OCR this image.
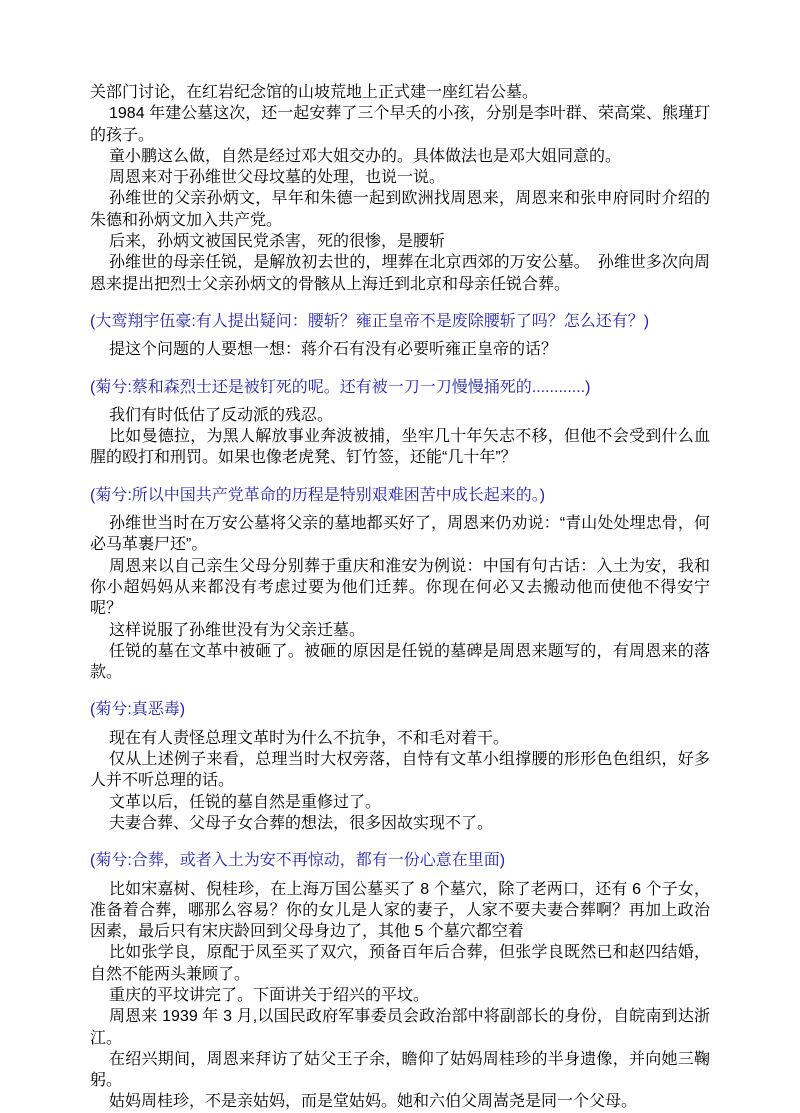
关部门讨论，在红岩纪念馆的山坡荒地上正式建一座红岩公墓。

1984 年建公墓这次，还一起安葬了三个早夭的小孩，分别是李叶群、荣高棠、熊瑾玎的孩子。

童小鹏这么做，自然是经过邓大姐交办的。具体做法也是邓大姐同意的。

周恩来对于孙维世父母坟墓的处理，也说一说。

孙维世的父亲孙炳文，早年和朱德一起到欧洲找周恩来，周恩来和张申府同时介绍的朱德和孙炳文加入共产党。

后来，孙炳文被国民党杀害，死的很惨，是腰斩

孙维世的母亲任锐，是解放初去世的，埋葬在北京西郊的万安公墓。　孙维世多次向周恩来提出把烈士父亲孙炳文的骨骸从上海迁到北京和母亲任锐合葬。

(大鸾翔宇伍豪:有人提出疑问：腰斩？雍正皇帝不是废除腰斩了吗？怎么还有？)

提这个问题的人要想一想：蒋介石有没有必要听雍正皇帝的话？

(菊兮:蔡和森烈士还是被钉死的呢。还有被一刀一刀慢慢捅死的............)

我们有时低估了反动派的残忍。

比如曼德拉，为黑人解放事业奔波被捕，坐牢几十年矢志不移，但他不会受到什么血腥的殴打和刑罚。如果也像老虎凳、钉竹签，还能“几十年”？

(菊兮:所以中国共产党革命的历程是特别艰难困苦中成长起来的。)

孙维世当时在万安公墓将父亲的墓地都买好了，周恩来仍劝说：“青山处处埋忠骨，何必马革裹尸还”。

周恩来以自己亲生父母分别葬于重庆和淮安为例说：中国有句古话：入土为安，我和你小超妈妈从来都没有考虑过要为他们迁葬。你现在何必又去搬动他而使他不得安宁呢？

这样说服了孙维世没有为父亲迁墓。

任锐的墓在文革中被砸了。被砸的原因是任锐的墓碑是周恩来题写的，有周恩来的落款。

(菊兮:真恶毒)

现在有人责怪总理文革时为什么不抗争，不和毛对着干。

仅从上述例子来看，总理当时大权旁落，自恃有文革小组撑腰的形形色色组织，好多人并不听总理的话。

文革以后，任锐的墓自然是重修过了。

夫妻合葬、父母子女合葬的想法，很多因故实现不了。

(菊兮:合葬，或者入土为安不再惊动，都有一份心意在里面)

比如宋嘉树、倪桂珍，在上海万国公墓买了 8 个墓穴，除了老两口，还有 6 个子女，准备着合葬，哪那么容易？你的女儿是人家的妻子，人家不要夫妻合葬啊？再加上政治因素，最后只有宋庆龄回到父母身边了，其他 5 个墓穴都空着

比如张学良，原配于凤至买了双穴，预备百年后合葬，但张学良既然已和赵四结婚，自然不能两头兼顾了。

重庆的平坟讲完了。下面讲关于绍兴的平坟。

周恩来 1939 年 3 月,以国民政府军事委员会政治部中将副部长的身份，自皖南到达浙江。

在绍兴期间，周恩来拜访了姑父王子余，瞻仰了姑妈周桂珍的半身遗像，并向她三鞠躬。

姑妈周桂珍，不是亲姑妈，而是堂姑妈。她和六伯父周嵩尧是同一个父母。
